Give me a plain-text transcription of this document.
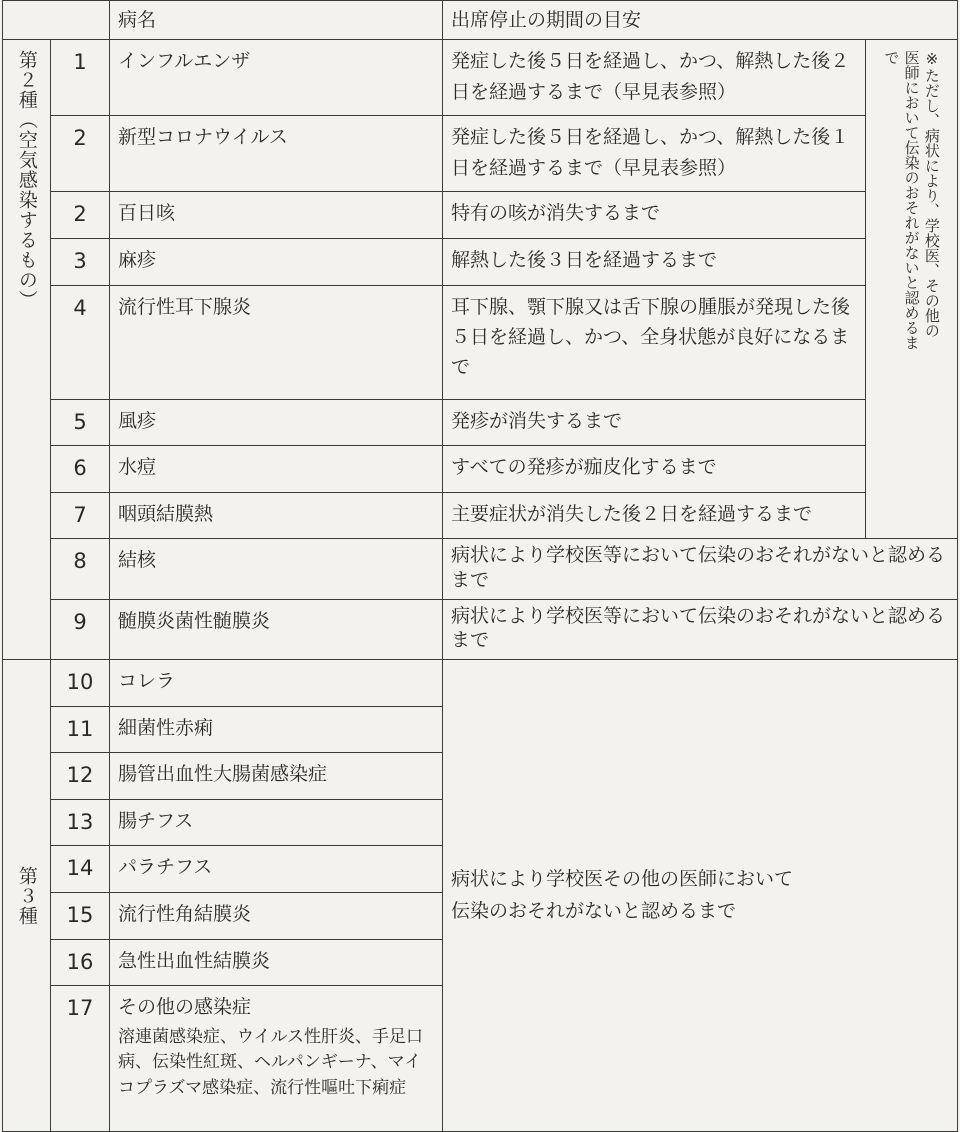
		病名	出席停止の期間の目安	

第２種（空気感染するもの）	1	インフルエンザ	発症した後５日を経過し、かつ、解熱した後２日を経過するまで（早見表参照）	※ただし、病状により、学校医、その他の医師において伝染のおそれがないと認めるまで

	2	新型コロナウイルス	発症した後５日を経過し、かつ、解熱した後１日を経過するまで（早見表参照）	
	2	百日咳	特有の咳が消失するまで	
	3	麻疹	解熱した後３日を経過するまで	
	4	流行性耳下腺炎	耳下腺、顎下腺又は舌下腺の腫脹が発現した後５日を経過し、かつ、全身状態が良好になるまで	
	5	風疹	発疹が消失するまで	
	6	水痘	すべての発疹が痂皮化するまで	
	7	咽頭結膜熱	主要症状が消失した後２日を経過するまで	
	8	結核	病状により学校医等において伝染のおそれがないと認めるまで	
	9	髄膜炎菌性髄膜炎	病状により学校医等において伝染のおそれがないと認めるまで	

第３種	10	コレラ	病状により学校医その他の医師において
伝染のおそれがないと認めるまで	

	11	細菌性赤痢		
	12	腸管出血性大腸菌感染症		
	13	腸チフス		
	14	パラチフス		
	15	流行性角結膜炎		
	16	急性出血性結膜炎		
	17	その他の感染症
溶連菌感染症、ウイルス性肝炎、手足口病、伝染性紅斑、ヘルパンギーナ、マイコプラズマ感染症、流行性嘔吐下痢症		
